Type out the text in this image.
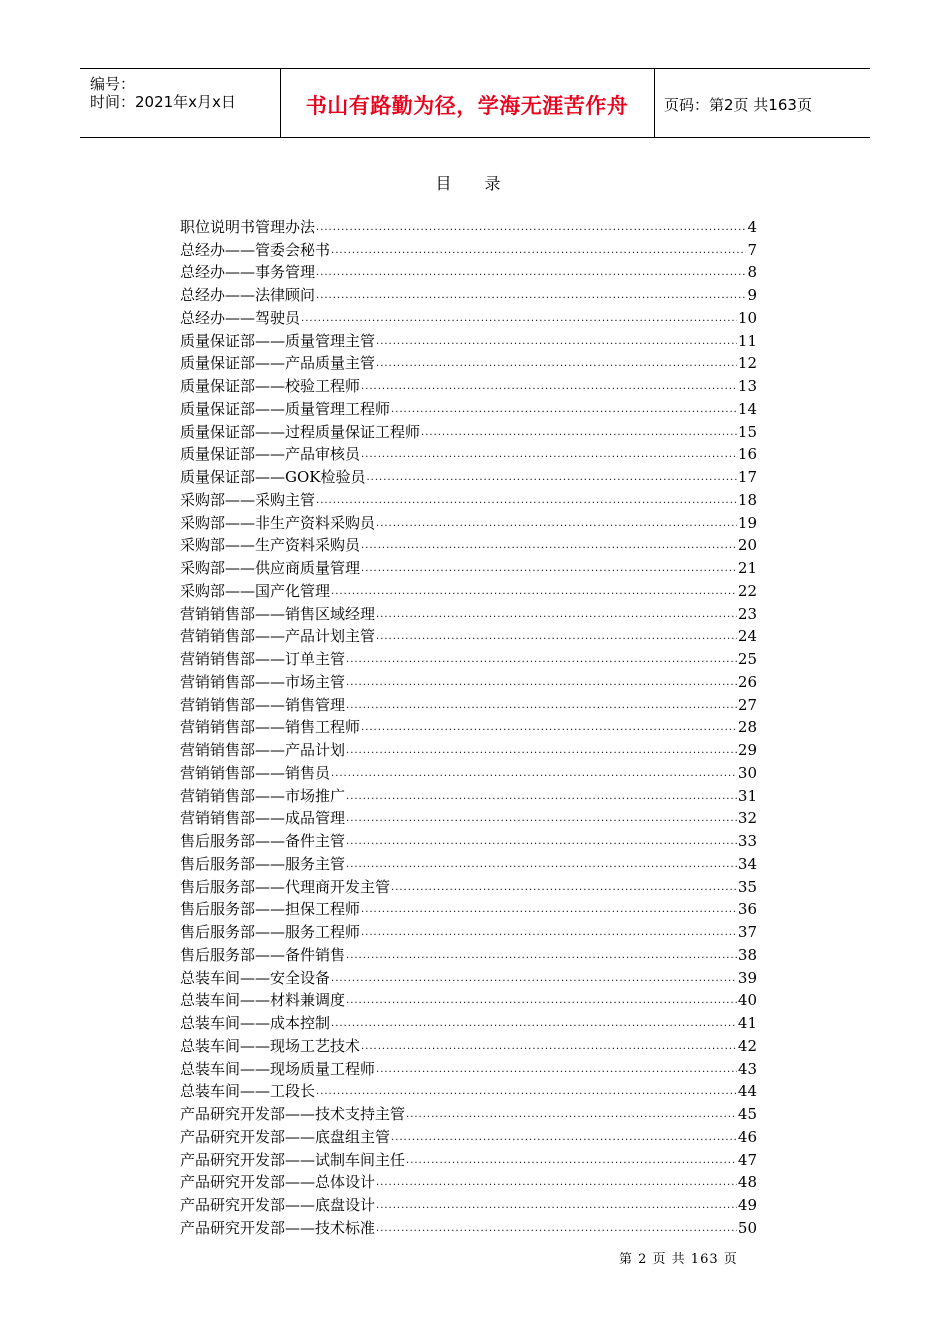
编号：
时间：2021年x月x日	书山有路勤为径，学海无涯苦作舟	页码：第2页 共163页
目 录
职位说明书管理办法 .....	4
总经办——管委会秘书 .....	7
总经办——事务管理 .....	8
总经办——法律顾问 .....	9
总经办——驾驶员 .....	10
质量保证部——质量管理主管 .....	11
质量保证部——产品质量主管 .....	12
质量保证部——校验工程师 .....	13
质量保证部——质量管理工程师 .....	14
质量保证部——过程质量保证工程师 .....	15
质量保证部——产品审核员 .....	16
质量保证部——GOK检验员 .....	17
采购部——采购主管 .....	18
采购部——非生产资料采购员 .....	19
采购部——生产资料采购员 .....	20
采购部——供应商质量管理 .....	21
采购部——国产化管理 .....	22
营销销售部——销售区域经理 .....	23
营销销售部——产品计划主管 .....	24
营销销售部——订单主管 .....	25
营销销售部——市场主管 .....	26
营销销售部——销售管理 .....	27
营销销售部——销售工程师 .....	28
营销销售部——产品计划 .....	29
营销销售部——销售员 .....	30
营销销售部——市场推广 .....	31
营销销售部——成品管理 .....	32
售后服务部——备件主管 .....	33
售后服务部——服务主管 .....	34
售后服务部——代理商开发主管 .....	35
售后服务部——担保工程师 .....	36
售后服务部——服务工程师 .....	37
售后服务部——备件销售 .....	38
总装车间——安全设备 .....	39
总装车间——材料兼调度 .....	40
总装车间——成本控制 .....	41
总装车间——现场工艺技术 .....	42
总装车间——现场质量工程师 .....	43
总装车间——工段长 .....	44
产品研究开发部——技术支持主管 .....	45
产品研究开发部——底盘组主管 .....	46
产品研究开发部——试制车间主任 .....	47
产品研究开发部——总体设计 .....	48
产品研究开发部——底盘设计 .....	49
产品研究开发部——技术标准 .....	50
第 2 页 共 163 页
